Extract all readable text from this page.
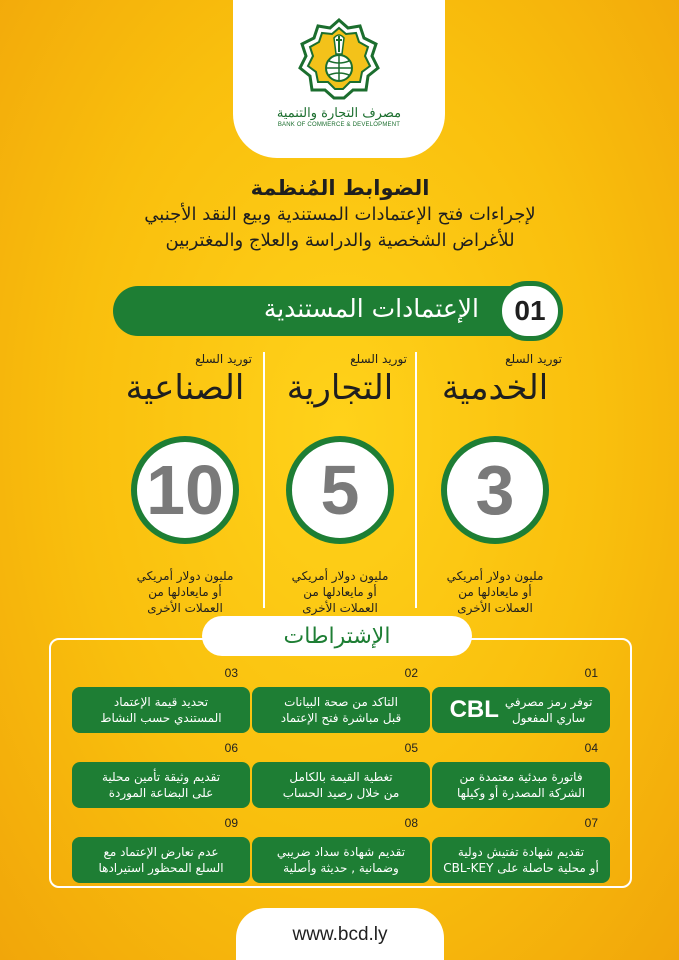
مصرف التجارة والتنمية
BANK OF COMMERCE & DEVELOPMENT
الضوابط المُنظمة
لإجراءات فتح الإعتمادات المستندية وبيع النقد الأجنبي
للأغراض الشخصية والدراسة والعلاج والمغتربين
01
الإعتمادات المستندية
توريد السلع
الخدمية
3
مليون دولار أمريكي
أو مايعادلها من
العملات الأخرى
توريد السلع
التجارية
5
مليون دولار أمريكي
أو مايعادلها من
العملات الأخرى
توريد السلع
الصناعية
10
مليون دولار أمريكي
أو مايعادلها من
العملات الأخرى
الإشتراطات
01
توفر رمز مصرفي
ساري المفعول
CBL
02
التاكد من صحة البيانات
قبل مباشرة فتح الإعتماد
03
تحديد قيمة الإعتماد
المستندي حسب النشاط
04
فاتورة مبدئية معتمدة من
الشركة المصدرة أو وكيلها
05
تغطية القيمة بالكامل
من خلال رصيد الحساب
06
تقديم وثيقة تأمين محلية
على البضاعة الموردة
07
تقديم شهادة تفتيش دولية
أو محلية حاصلة على CBL-KEY
08
تقديم شهادة سداد ضريبي
وضمانية , حديثة وأصلية
09
عدم تعارض الإعتماد مع
السلع المحظور استيرادها
www.bcd.ly
